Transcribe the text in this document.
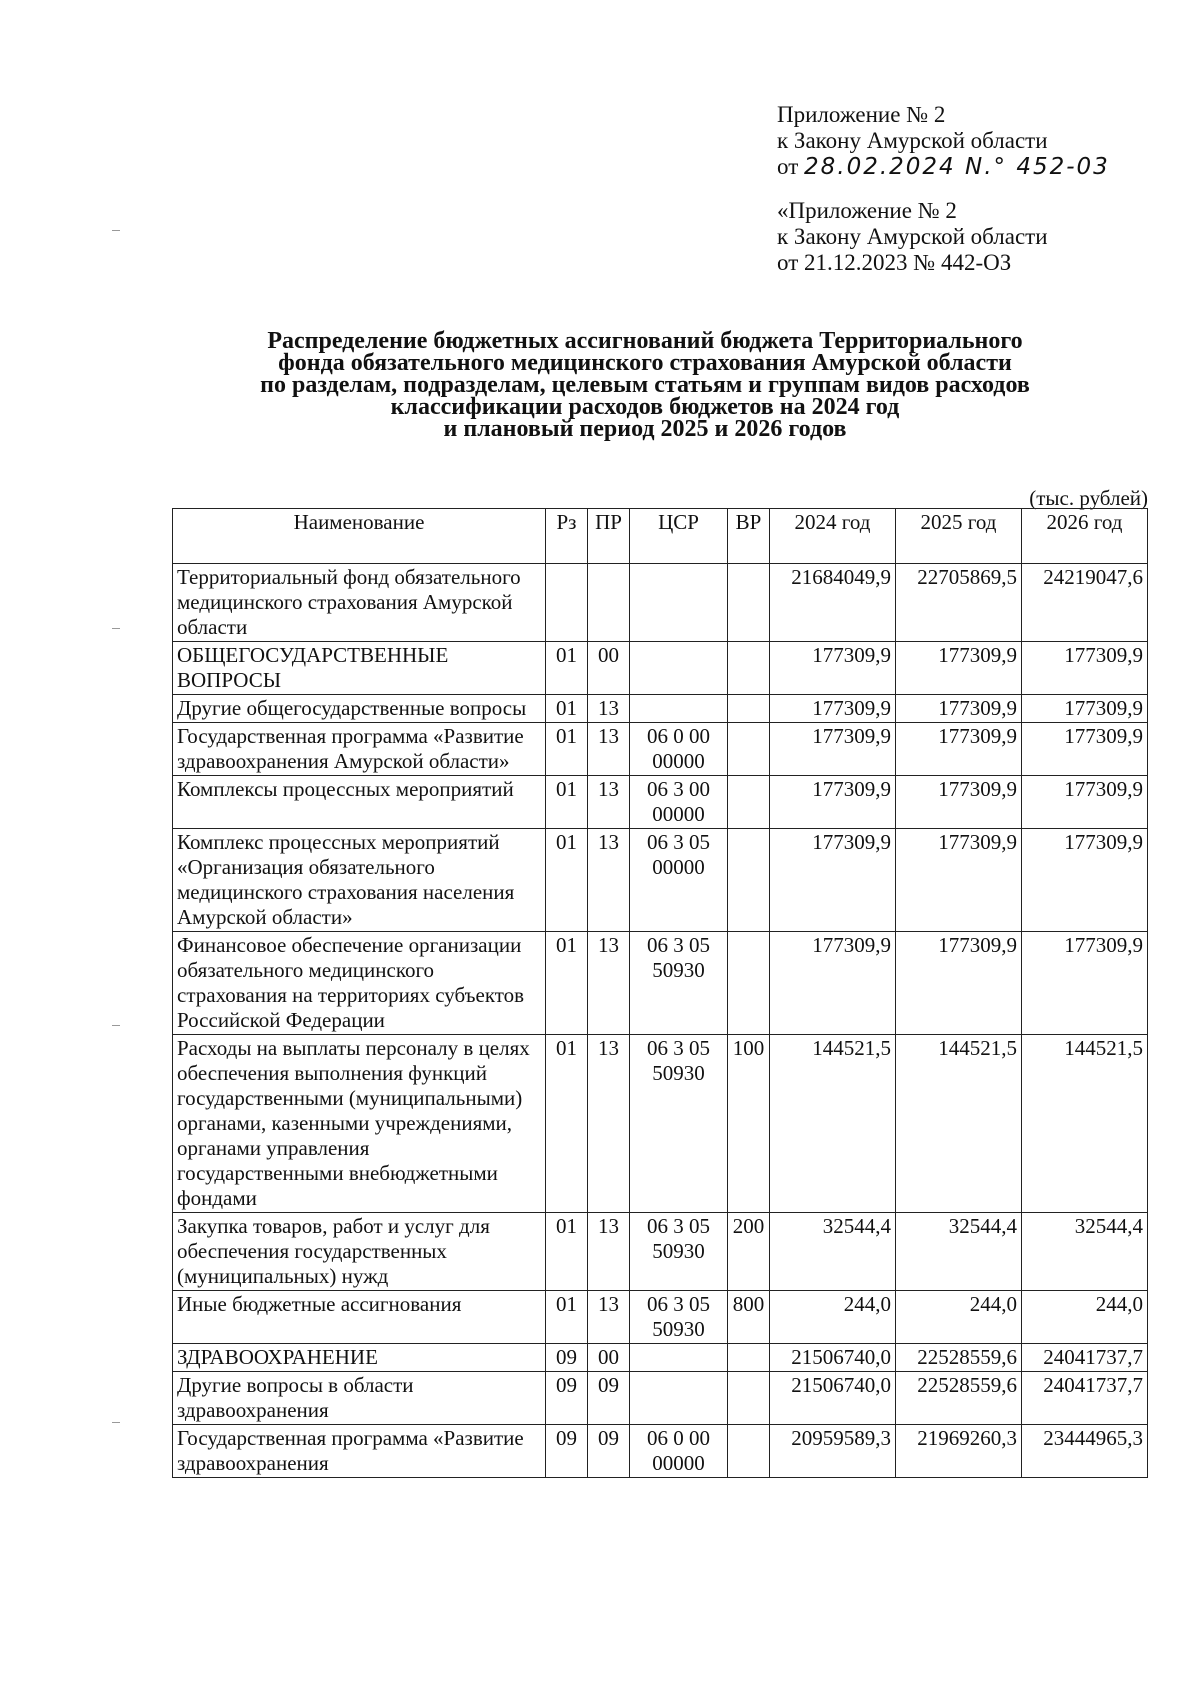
Приложение № 2
к Закону Амурской области
от 28.02.2024 N.° 452-03
«Приложение № 2
к Закону Амурской области
от 21.12.2023 № 442-ОЗ
Распределение бюджетных ассигнований бюджета Территориального
фонда обязательного медицинского страхования Амурской области
по разделам, подразделам, целевым статьям и группам видов расходов
классификации расходов бюджетов на 2024 год
и плановый период 2025 и 2026 годов
(тыс. рублей)
Наименование	Рз	ПР	ЦСР	ВР	2024 год	2025 год	2026 год
Территориальный фонд обязательного медицинского страхования Амурской области					21684049,9	22705869,5	24219047,6
ОБЩЕГОСУДАРСТВЕННЫЕ ВОПРОСЫ	01	00			177309,9	177309,9	177309,9
Другие общегосударственные вопросы	01	13			177309,9	177309,9	177309,9
Государственная программа «Развитие здравоохранения Амурской области»	01	13	06 0 00 00000		177309,9	177309,9	177309,9
Комплексы процессных мероприятий	01	13	06 3 00 00000		177309,9	177309,9	177309,9
Комплекс процессных мероприятий «Организация обязательного медицинского страхования населения Амурской области»	01	13	06 3 05 00000		177309,9	177309,9	177309,9
Финансовое обеспечение организации обязательного медицинского страхования на территориях субъектов Российской Федерации	01	13	06 3 05 50930		177309,9	177309,9	177309,9
Расходы на выплаты персоналу в целях обеспечения выполнения функций государственными (муниципальными) органами, казенными учреждениями, органами управления государственными внебюджетными фондами	01	13	06 3 05 50930	100	144521,5	144521,5	144521,5
Закупка товаров, работ и услуг для обеспечения государственных (муниципальных) нужд	01	13	06 3 05 50930	200	32544,4	32544,4	32544,4
Иные бюджетные ассигнования	01	13	06 3 05 50930	800	244,0	244,0	244,0
ЗДРАВООХРАНЕНИЕ	09	00			21506740,0	22528559,6	24041737,7
Другие вопросы в области здравоохранения	09	09			21506740,0	22528559,6	24041737,7
Государственная программа «Развитие здравоохранения	09	09	06 0 00 00000		20959589,3	21969260,3	23444965,3
